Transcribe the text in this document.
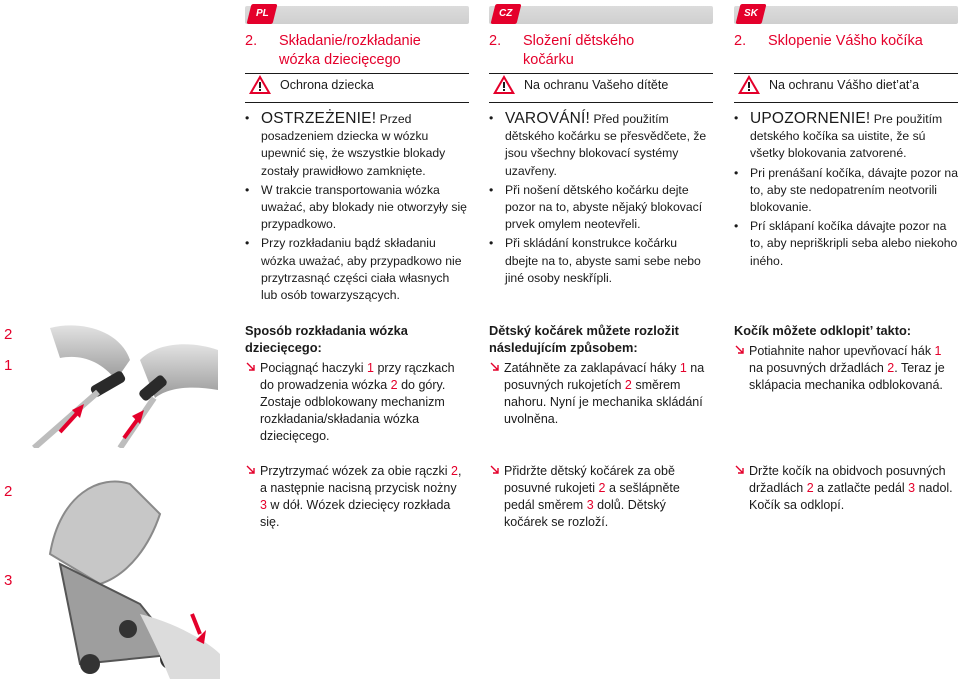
2
1
2
3
PL
2.	Składanie/rozkładanie wózka dziecięcego
CZ
2.	Složení dětského kočárku
SK
2.	Sklopenie Vášho kočíka
Ochrona dziecka	Na ochranu Vašeho dítěte	Na ochranu Vášho diet’at’a
• OSTRZEŻENIE! Przed posadzeniem dziecka w wózku upewnić się, że wszystkie blokady zostały prawidłowo zamknięte.
• W trakcie transportowania wózka uważać, aby blokady nie otworzyły się przypadkowo.
• Przy rozkładaniu bądź składaniu wózka uważać, aby przypadkowo nie przytrzasnąć części ciała własnych lub osób towarzyszących.
• VAROVÁNÍ! Před použitím dětského kočárku se přesvědčete, že jsou všechny blokovací systémy uzavřeny.
• Při nošení dětského kočárku dejte pozor na to, abyste nějaký blokovací prvek omylem neotevřeli.
• Při skládání konstrukce kočárku dbejte na to, abyste sami sebe nebo jiné osoby neskřípli.
• UPOZORNENIE! Pre použitím detského kočíka sa uistite, že sú všetky blokovania zatvorené.
• Pri prenášaní kočíka, dávajte pozor na to, aby ste nedopatrením neotvorili blokovanie.
• Prí sklápaní kočíka dávajte pozor na to, aby nepriškripli seba alebo niekoho iného.
Sposób rozkładania wózka dziecięcego:
Dětský kočárek můžete rozložit následujícím způsobem:
Kočík môžete odklopit’ takto:
Pociągnąć haczyki 1 przy rączkach do prowadzenia wózka 2 do góry. Zostaje odblokowany mechanizm rozkładania/składania wózka dziecięcego.
Zatáhněte za zaklapávací háky 1 na posuvných rukojetích 2 směrem nahoru. Nyní je mechanika skládání uvolněna.
Potiahnite nahor upevňovací hák 1 na posuvných držadlách 2. Teraz je sklápacia mechanika odblokovaná.
Przytrzymać wózek za obie rączki 2, a następnie nacisną przycisk nożny 3 w dół. Wózek dziecięcy rozkłada się.
Přidržte dětský kočárek za obě posuvné rukojeti 2 a sešlápněte pedál směrem 3 dolů. Dětský kočárek se rozloží.
Držte kočík na obidvoch posuvných držadlách 2 a zatlačte pedál 3 nadol. Kočík sa odklopí.
